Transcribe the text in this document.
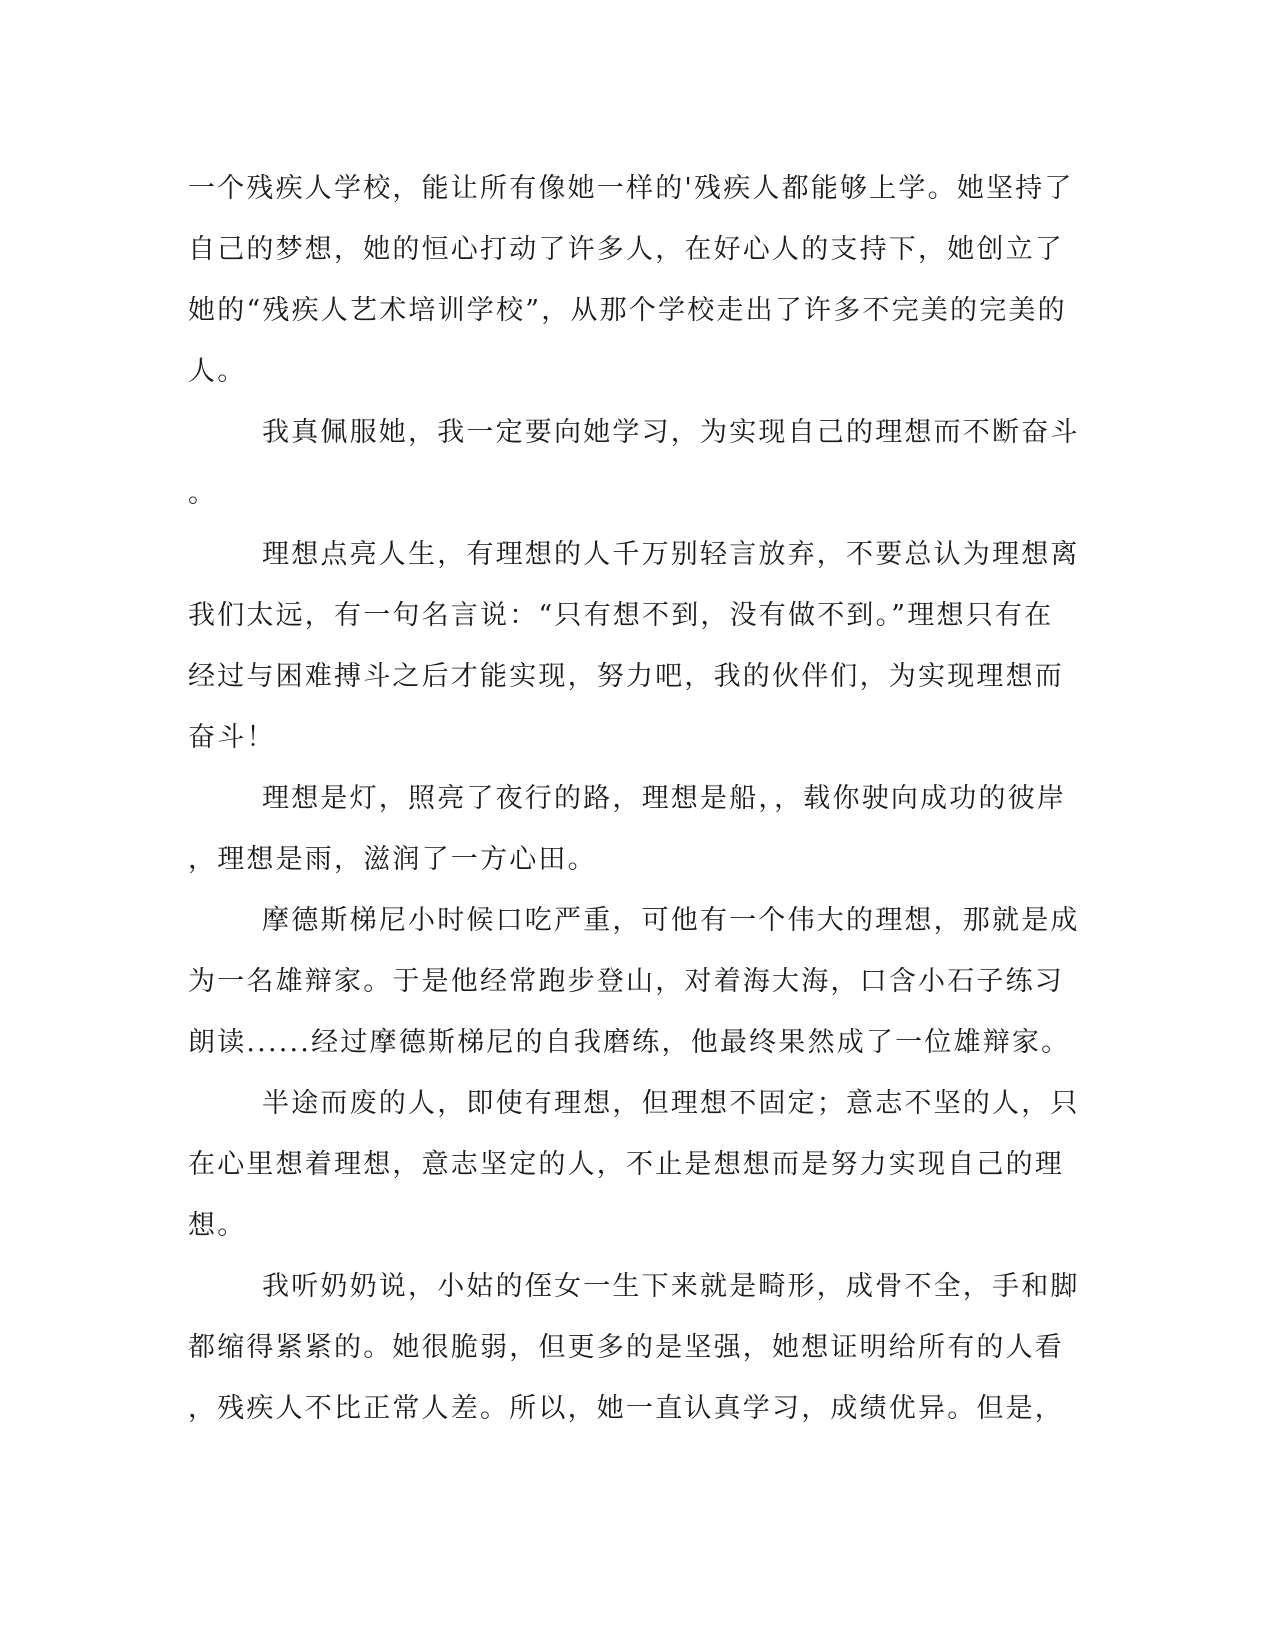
一个残疾人学校，能让所有像她一样的'残疾人都能够上学。她坚持了
自己的梦想，她的恒心打动了许多人，在好心人的支持下，她创立了
她的“残疾人艺术培训学校”，从那个学校走出了许多不完美的完美的
人。
我真佩服她，我一定要向她学习，为实现自己的理想而不断奋斗
。
理想点亮人生，有理想的人千万别轻言放弃，不要总认为理想离
我们太远，有一句名言说：“只有想不到，没有做不到。”理想只有在
经过与困难搏斗之后才能实现，努力吧，我的伙伴们，为实现理想而
奋斗！
理想是灯，照亮了夜行的路，理想是船，，载你驶向成功的彼岸
，理想是雨，滋润了一方心田。
摩德斯梯尼小时候口吃严重，可他有一个伟大的理想，那就是成
为一名雄辩家。于是他经常跑步登山，对着海大海，口含小石子练习
朗读......经过摩德斯梯尼的自我磨练，他最终果然成了一位雄辩家。
半途而废的人，即使有理想，但理想不固定；意志不坚的人，只
在心里想着理想，意志坚定的人，不止是想想而是努力实现自己的理
想。
我听奶奶说，小姑的侄女一生下来就是畸形，成骨不全，手和脚
都缩得紧紧的。她很脆弱，但更多的是坚强，她想证明给所有的人看
，残疾人不比正常人差。所以，她一直认真学习，成绩优异。但是，
